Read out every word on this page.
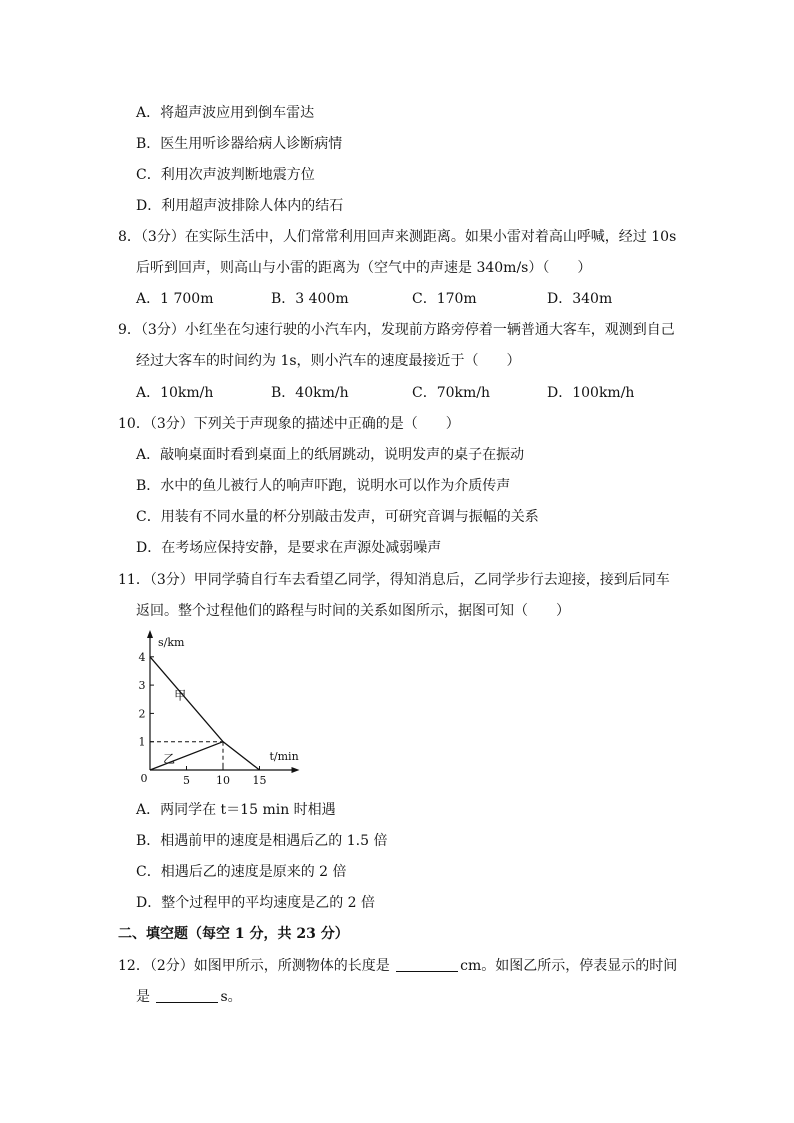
A．将超声波应用到倒车雷达
B．医生用听诊器给病人诊断病情
C．利用次声波判断地震方位
D．利用超声波排除人体内的结石
8．（3分）在实际生活中，人们常常利用回声来测距离。如果小雷对着高山呼喊，经过 10s
后听到回声，则高山与小雷的距离为（空气中的声速是 340m/s）（　　）
A．1 700m	B．3 400m	C．170m	D．340m
9．（3分）小红坐在匀速行驶的小汽车内，发现前方路旁停着一辆普通大客车，观测到自己
经过大客车的时间约为 1s，则小汽车的速度最接近于（　　）
A．10km/h	B．40km/h	C．70km/h	D．100km/h
10．（3分）下列关于声现象的描述中正确的是（　　）
A．敲响桌面时看到桌面上的纸屑跳动，说明发声的桌子在振动
B．水中的鱼儿被行人的响声吓跑，说明水可以作为介质传声
C．用装有不同水量的杯分别敲击发声，可研究音调与振幅的关系
D．在考场应保持安静，是要求在声源处减弱噪声
11．（3分）甲同学骑自行车去看望乙同学，得知消息后，乙同学步行去迎接，接到后同车
返回。整个过程他们的路程与时间的关系如图所示，据图可知（　　）
1
2
3
4
5 10 15
0
s/km
t/min
甲
乙
A．两同学在 t＝15 min 时相遇
B．相遇前甲的速度是相遇后乙的 1.5 倍
C．相遇后乙的速度是原来的 2 倍
D．整个过程甲的平均速度是乙的 2 倍
二、填空题（每空 1 分，共 23 分）
12．（2分）如图甲所示，所测物体的长度是	cm。如图乙所示，停表显示的时间
是	s。
